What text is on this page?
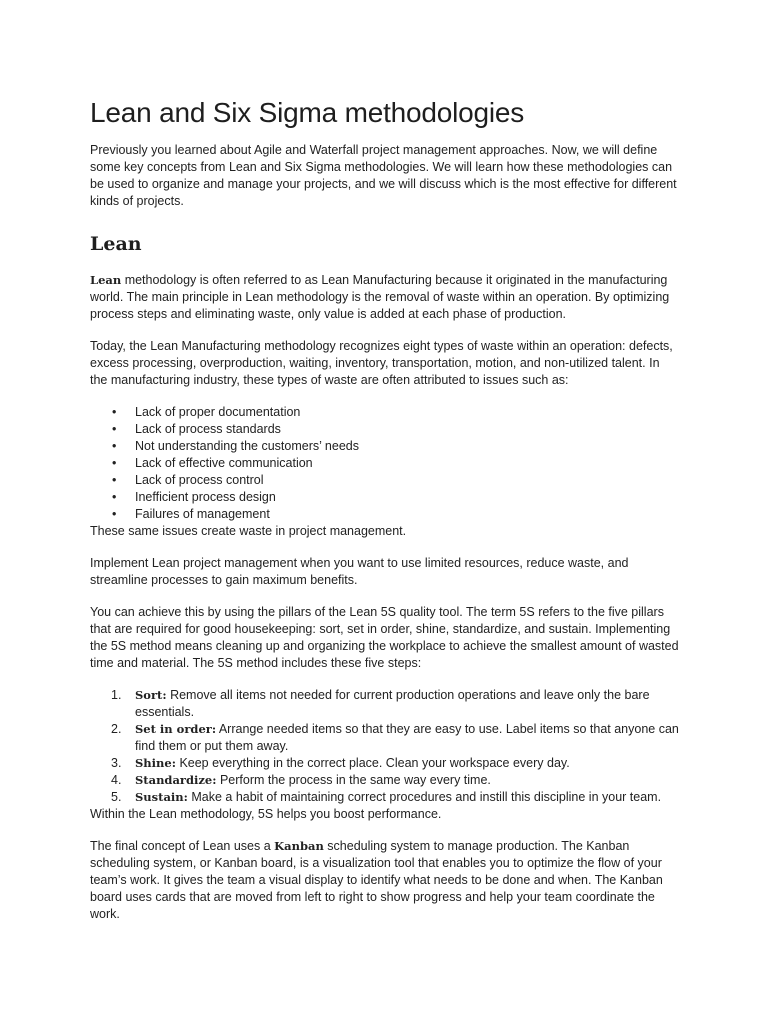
Lean and Six Sigma methodologies

Previously you learned about Agile and Waterfall project management approaches. Now, we will define some key concepts from Lean and Six Sigma methodologies. We will learn how these methodologies can be used to organize and manage your projects, and we will discuss which is the most effective for different kinds of projects.

Lean

Lean methodology is often referred to as Lean Manufacturing because it originated in the manufacturing world. The main principle in Lean methodology is the removal of waste within an operation. By optimizing process steps and eliminating waste, only value is added at each phase of production.

Today, the Lean Manufacturing methodology recognizes eight types of waste within an operation: defects, excess processing, overproduction, waiting, inventory, transportation, motion, and non-utilized talent. In the manufacturing industry, these types of waste are often attributed to issues such as:

• Lack of proper documentation
• Lack of process standards
• Not understanding the customers’ needs
• Lack of effective communication
• Lack of process control
• Inefficient process design
• Failures of management

These same issues create waste in project management.

Implement Lean project management when you want to use limited resources, reduce waste, and streamline processes to gain maximum benefits.

You can achieve this by using the pillars of the Lean 5S quality tool. The term 5S refers to the five pillars that are required for good housekeeping: sort, set in order, shine, standardize, and sustain. Implementing the 5S method means cleaning up and organizing the workplace to achieve the smallest amount of wasted time and material. The 5S method includes these five steps:

1. Sort: Remove all items not needed for current production operations and leave only the bare essentials.
2. Set in order: Arrange needed items so that they are easy to use. Label items so that anyone can find them or put them away.
3. Shine: Keep everything in the correct place. Clean your workspace every day.
4. Standardize: Perform the process in the same way every time.
5. Sustain: Make a habit of maintaining correct procedures and instill this discipline in your team.

Within the Lean methodology, 5S helps you boost performance.

The final concept of Lean uses a Kanban scheduling system to manage production. The Kanban scheduling system, or Kanban board, is a visualization tool that enables you to optimize the flow of your team’s work. It gives the team a visual display to identify what needs to be done and when. The Kanban board uses cards that are moved from left to right to show progress and help your team coordinate the work.
